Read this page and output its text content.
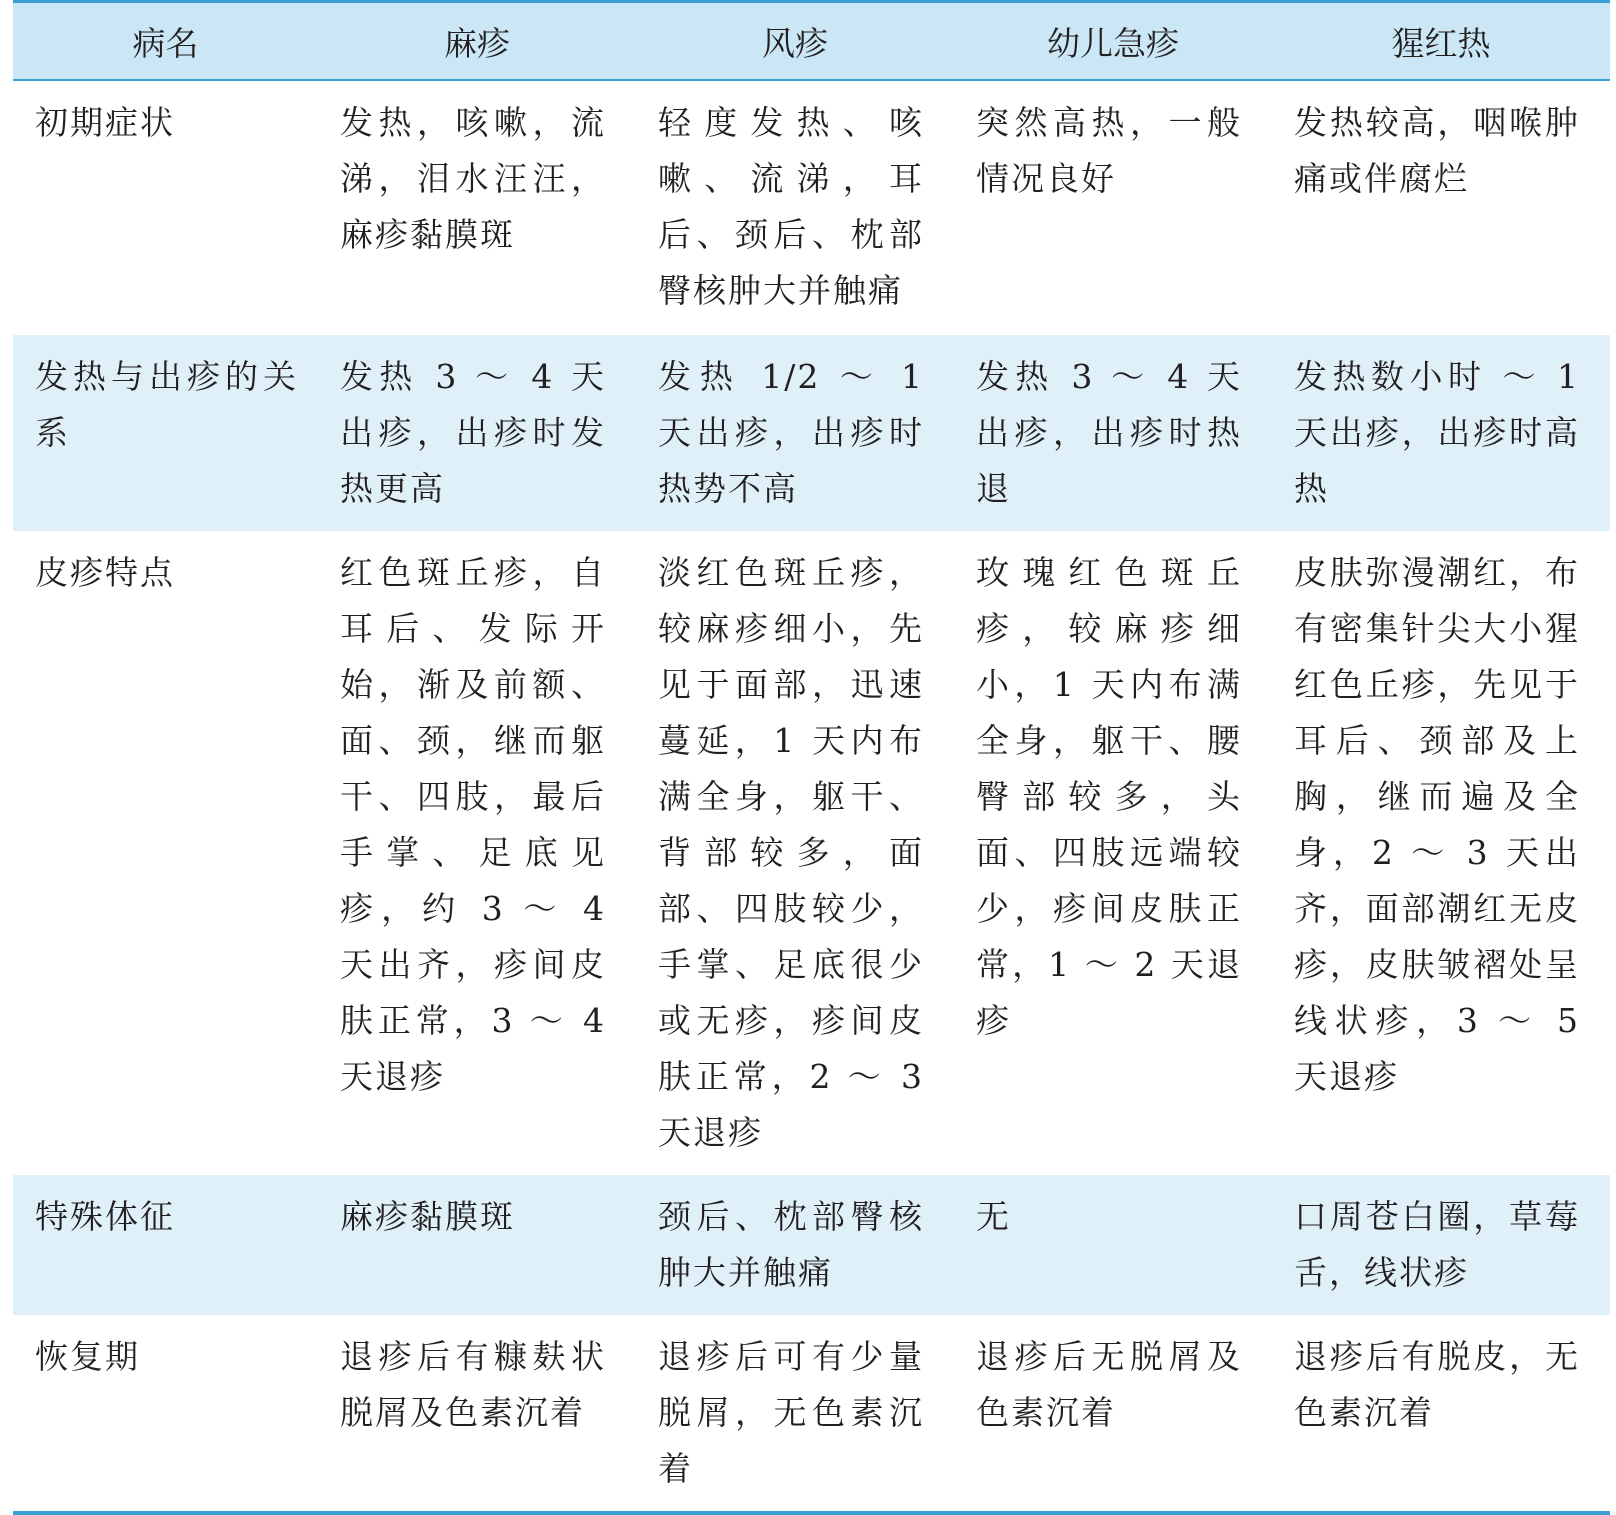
病名	麻疹	风疹	幼儿急疹	猩红热
初期症状	发热，咳嗽，流涕，泪水汪汪，麻疹黏膜斑	轻度发热、咳嗽、流涕，耳后、颈后、枕部臀核肿大并触痛	突然高热，一般情况良好	发热较高，咽喉肿痛或伴腐烂
发热与出疹的关系	发热 3 ～ 4 天出疹，出疹时发热更高	发热 1/2 ～ 1 天出疹，出疹时热势不高	发热 3 ～ 4 天出疹，出疹时热退	发热数小时 ～ 1 天出疹，出疹时高热
皮疹特点	红色斑丘疹，自耳后、发际开始，渐及前额、面、颈，继而躯干、四肢，最后手掌、足底见疹，约 3 ～ 4 天出齐，疹间皮肤正常，3 ～ 4 天退疹	淡红色斑丘疹，较麻疹细小，先见于面部，迅速蔓延，1 天内布满全身，躯干、背部较多，面部、四肢较少，手掌、足底很少或无疹，疹间皮肤正常，2 ～ 3 天退疹	玫瑰红色斑丘疹，较麻疹细小，1 天内布满全身，躯干、腰臀部较多，头面、四肢远端较少，疹间皮肤正常，1 ～ 2 天退疹	皮肤弥漫潮红，布有密集针尖大小猩红色丘疹，先见于耳后、颈部及上胸，继而遍及全身，2 ～ 3 天出齐，面部潮红无皮疹，皮肤皱褶处呈线状疹，3 ～ 5 天退疹
特殊体征	麻疹黏膜斑	颈后、枕部臀核肿大并触痛	无	口周苍白圈，草莓舌，线状疹
恢复期	退疹后有糠麸状脱屑及色素沉着	退疹后可有少量脱屑，无色素沉着	退疹后无脱屑及色素沉着	退疹后有脱皮，无色素沉着
